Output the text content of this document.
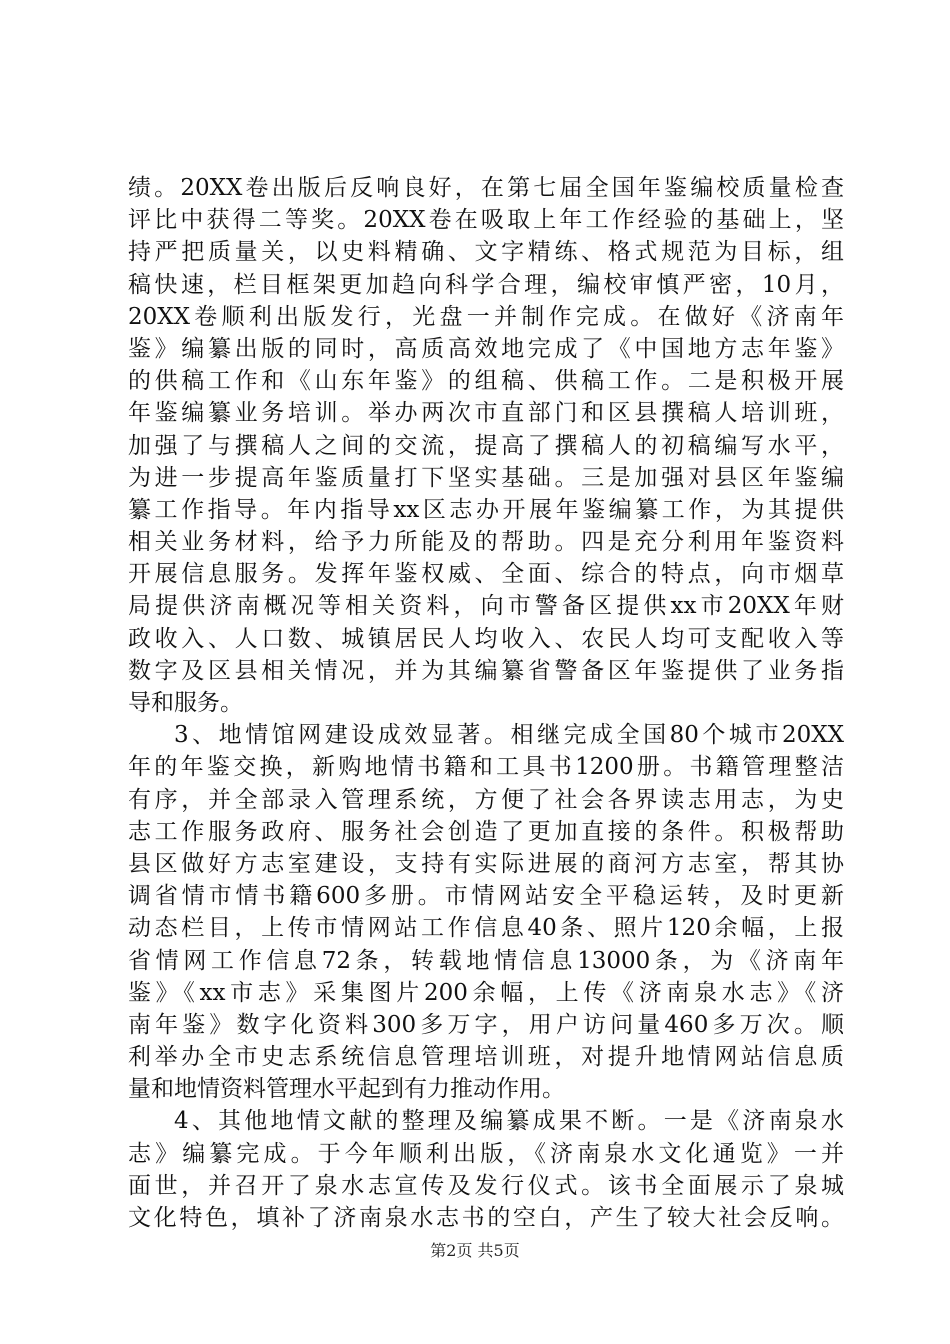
绩。20XX卷出版后反响良好，在第七届全国年鉴编校质量检查
评比中获得二等奖。20XX卷在吸取上年工作经验的基础上，坚
持严把质量关，以史料精确、文字精练、格式规范为目标，组
稿快速，栏目框架更加趋向科学合理，编校审慎严密，10月，
20XX卷顺利出版发行，光盘一并制作完成。在做好《济南年
鉴》编纂出版的同时，高质高效地完成了《中国地方志年鉴》
的供稿工作和《山东年鉴》的组稿、供稿工作。二是积极开展
年鉴编纂业务培训。举办两次市直部门和区县撰稿人培训班，
加强了与撰稿人之间的交流，提高了撰稿人的初稿编写水平，
为进一步提高年鉴质量打下坚实基础。三是加强对县区年鉴编
纂工作指导。年内指导xx区志办开展年鉴编纂工作，为其提供
相关业务材料，给予力所能及的帮助。四是充分利用年鉴资料
开展信息服务。发挥年鉴权威、全面、综合的特点，向市烟草
局提供济南概况等相关资料，向市警备区提供xx市20XX年财
政收入、人口数、城镇居民人均收入、农民人均可支配收入等
数字及区县相关情况，并为其编纂省警备区年鉴提供了业务指
导和服务。
3、地情馆网建设成效显著。相继完成全国80个城市20XX
年的年鉴交换，新购地情书籍和工具书1200册。书籍管理整洁
有序，并全部录入管理系统，方便了社会各界读志用志，为史
志工作服务政府、服务社会创造了更加直接的条件。积极帮助
县区做好方志室建设，支持有实际进展的商河方志室，帮其协
调省情市情书籍600多册。市情网站安全平稳运转，及时更新
动态栏目，上传市情网站工作信息40条、照片120余幅，上报
省情网工作信息72条，转载地情信息13000条，为《济南年
鉴》《xx市志》采集图片200余幅，上传《济南泉水志》《济
南年鉴》数字化资料300多万字，用户访问量460多万次。顺
利举办全市史志系统信息管理培训班，对提升地情网站信息质
量和地情资料管理水平起到有力推动作用。
4、其他地情文献的整理及编纂成果不断。一是《济南泉水
志》编纂完成。于今年顺利出版，《济南泉水文化通览》一并
面世，并召开了泉水志宣传及发行仪式。该书全面展示了泉城
文化特色，填补了济南泉水志书的空白，产生了较大社会反响。
第2页 共5页
